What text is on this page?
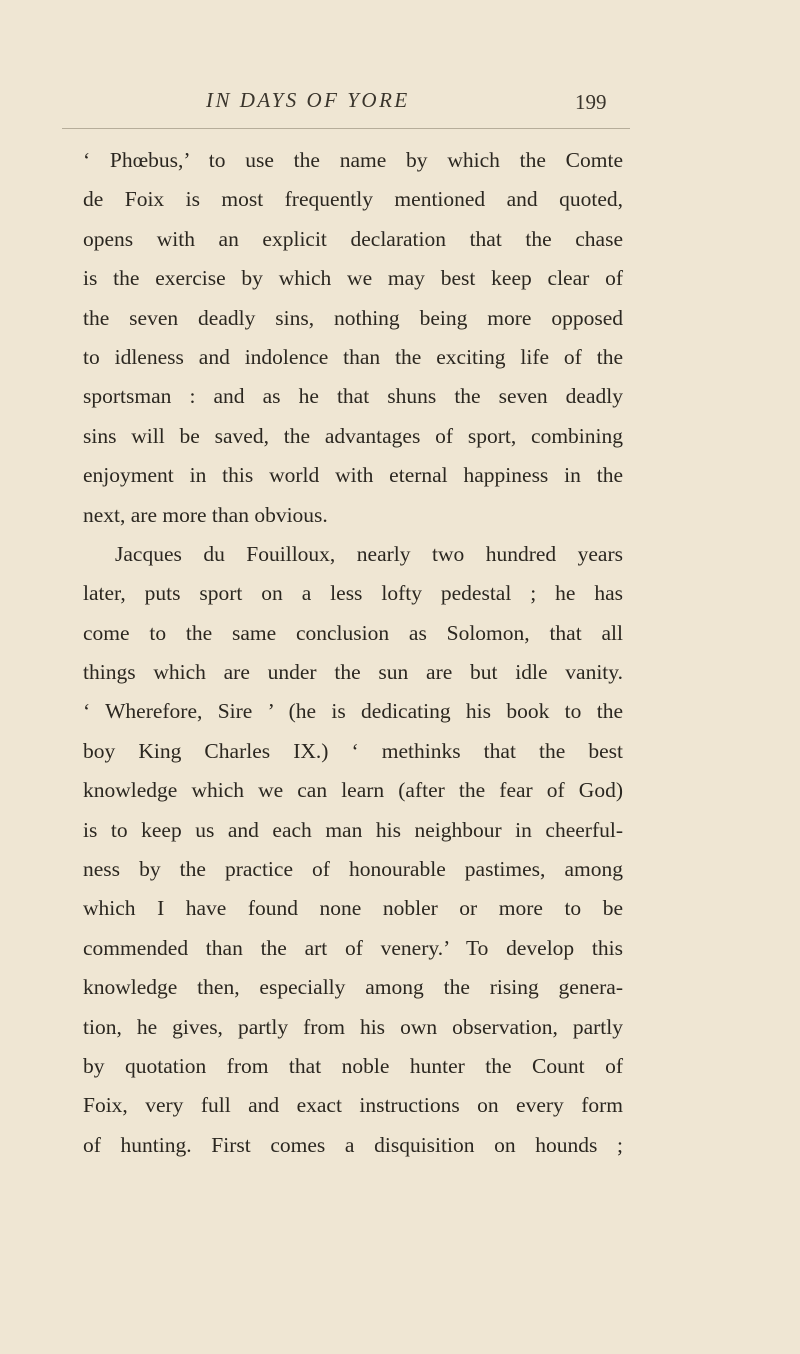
IN DAYS OF YORE	199
‘ Phœbus,’ to use the name by which the Comte
de Foix is most frequently mentioned and quoted,
opens with an explicit declaration that the chase
is the exercise by which we may best keep clear of
the seven deadly sins, nothing being more opposed
to idleness and indolence than the exciting life of the
sportsman : and as he that shuns the seven deadly
sins will be saved, the advantages of sport, combining
enjoyment in this world with eternal happiness in the
next, are more than obvious.
Jacques du Fouilloux, nearly two hundred years
later, puts sport on a less lofty pedestal ; he has
come to the same conclusion as Solomon, that all
things which are under the sun are but idle vanity.
‘ Wherefore, Sire ’ (he is dedicating his book to the
boy King Charles IX.) ‘ methinks that the best
knowledge which we can learn (after the fear of God)
is to keep us and each man his neighbour in cheerful-
ness by the practice of honourable pastimes, among
which I have found none nobler or more to be
commended than the art of venery.’ To develop this
knowledge then, especially among the rising genera-
tion, he gives, partly from his own observation, partly
by quotation from that noble hunter the Count of
Foix, very full and exact instructions on every form
of hunting. First comes a disquisition on hounds ;
